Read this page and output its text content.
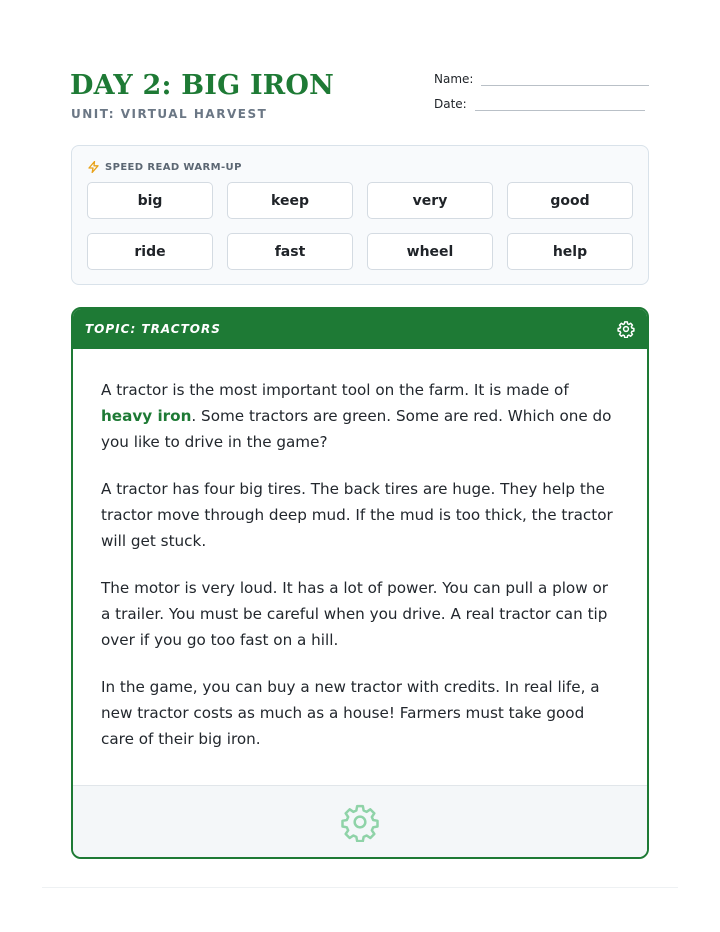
DAY 2: BIG IRON
UNIT: VIRTUAL HARVEST
Name:
Date:
SPEED READ WARM-UP
big	keep	very	good
ride	fast	wheel	help
TOPIC: TRACTORS

A tractor is the most important tool on the farm. It is made of heavy iron. Some tractors are green. Some are red. Which one do you like to drive in the game?

A tractor has four big tires. The back tires are huge. They help the tractor move through deep mud. If the mud is too thick, the tractor will get stuck.

The motor is very loud. It has a lot of power. You can pull a plow or a trailer. You must be careful when you drive. A real tractor can tip over if you go too fast on a hill.

In the game, you can buy a new tractor with credits. In real life, a new tractor costs as much as a house! Farmers must take good care of their big iron.
